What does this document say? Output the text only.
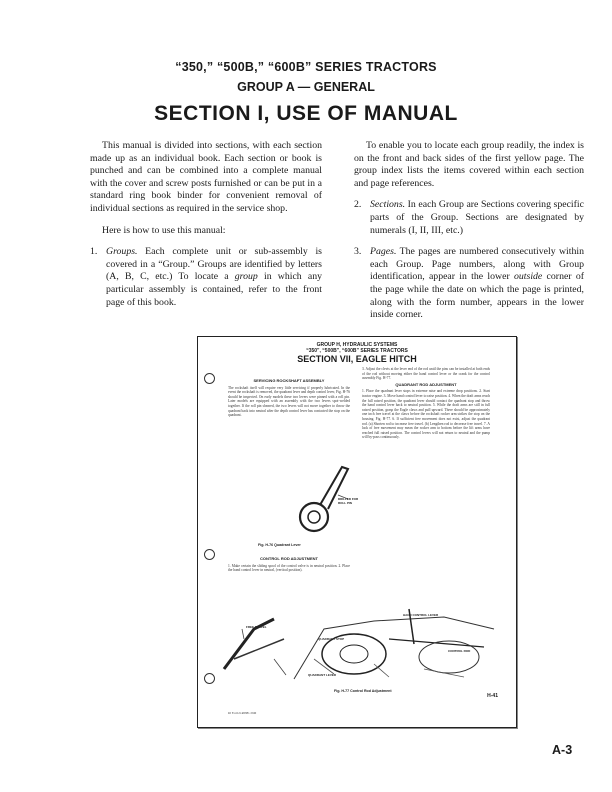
“350,” “500B,” “600B” SERIES TRACTORS
GROUP A — GENERAL
SECTION I, USE OF MANUAL

This manual is divided into sections, with each section made up as an individual book. Each section or book is punched and can be combined into a complete manual with the cover and screw posts furnished or can be put in a standard ring book binder for convenient removal of individual sections as required in the service shop.

Here is how to use this manual:

1. Groups. Each complete unit or sub-assembly is covered in a “Group.” Groups are identified by letters (A, B, C, etc.) To locate a group in which any particular assembly is contained, refer to the front page of this book.

To enable you to locate each group readily, the index is on the front and back sides of the first yellow page. The group index lists the items covered within each section and page references.

2. Sections. In each Group are Sections covering specific parts of the Group. Sections are designated by numerals (I, II, III, etc.)
3. Pages. The pages are numbered consecutively within each Group. Page numbers, along with Group identification, appear in the lower outside corner of the page while the date on which the page is printed, along with the form number, appears in the lower inside corner.
GROUP H, HYDRAULIC SYSTEMS
“350”, “500B”, “600B” SERIES TRACTORS
SECTION VII, EAGLE HITCH
SERVICING ROCKSHAFT ASSEMBLY

The rockshaft itself will require very little servicing if properly lubricated. In the event the rockshaft is removed, the quadrant lever and depth control lever, Fig. H-76 should be inspected. On early models these two levers were pinned with a roll pin. Later models are equipped with an assembly with the two levers spot-welded together. If the roll pin sheared, the two levers will not move together to throw the quadrant back into neutral after the depth control lever has contacted the stop on the quadrant.

DRILLED FOR ROLL PIN
Fig. H-76 Quadrant Lever
CONTROL ROD ADJUSTMENT

1. Make certain the sliding spool of the control valve is in neutral position. 2. Place the hand control lever in neutral, (vertical position).

3. Adjust the clevis at the lever end of the rod until the pins can be installed at both ends of the rod without moving either the hand control lever or the crank for the control assembly Fig. H-77.

QUADRANT ROD ADJUSTMENT

1. Place the quadrant lever stops in extreme raise and extreme drop positions. 2. Start tractor engine. 3. Move hand control lever to raise position. 4. When the draft arms reach the full raised position, the quadrant lever should contact the quadrant stop and throw the hand control lever back to neutral position. 5. While the draft arms are still in full raised position, grasp the Eagle claws and pull upward. There should be approximately one inch free travel at the claws before the rockshaft rocker arm strikes the stop on the housing. Fig. H-77. 6. If sufficient free movement does not exist, adjust the quadrant rod. (a) Shorten rod to increase free travel. (b) Lengthen rod to decrease free travel. 7. A lack of free movement may mean the rocker arm to bottom before the lift arms have reached full raised position. The control levers will not return to neutral and the pump will by-pass continuously.

FREE TRAVEL
HAND CONTROL LEVER
QUADRANT STOP
QUADRANT LEVER
CONTROL ROD
Fig. H-77 Control Rod Adjustment
H-41
RJ Form 9-R0881-56M
A-3
